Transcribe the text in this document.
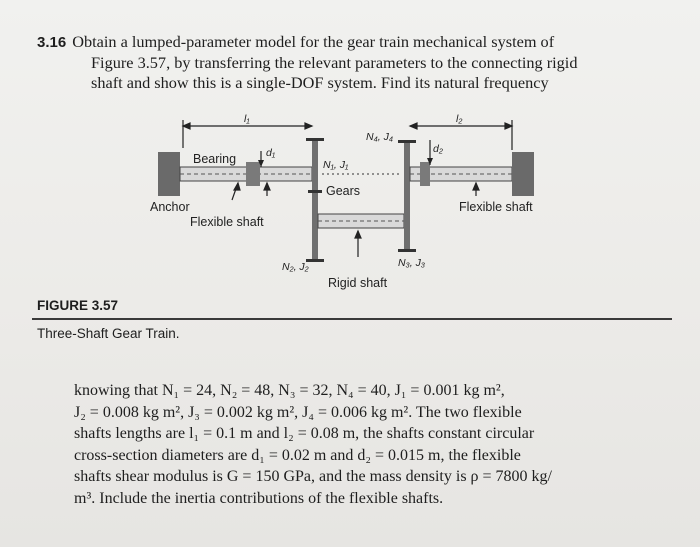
3.16 Obtain a lumped-parameter model for the gear train mechanical system of
Figure 3.57, by transferring the relevant parameters to the connecting rigid
shaft and show this is a single-DOF system. Find its natural frequency
l₁	l₂
Bearing	d₁	d₂
N₄, J₄
N₁, J₁
Gears
Anchor
Flexible shaft
Flexible shaft
N₂, J₂	N₃, J₃
Rigid shaft
FIGURE 3.57
Three-Shaft Gear Train.
knowing that N₁ = 24, N₂ = 48, N₃ = 32, N₄ = 40, J₁ = 0.001 kg m²,
J₂ = 0.008 kg m², J₃ = 0.002 kg m², J₄ = 0.006 kg m². The two flexible
shafts lengths are l₁ = 0.1 m and l₂ = 0.08 m, the shafts constant circular
cross-section diameters are d₁ = 0.02 m and d₂ = 0.015 m, the flexible
shafts shear modulus is G = 150 GPa, and the mass density is ρ = 7800 kg/
m³. Include the inertia contributions of the flexible shafts.
